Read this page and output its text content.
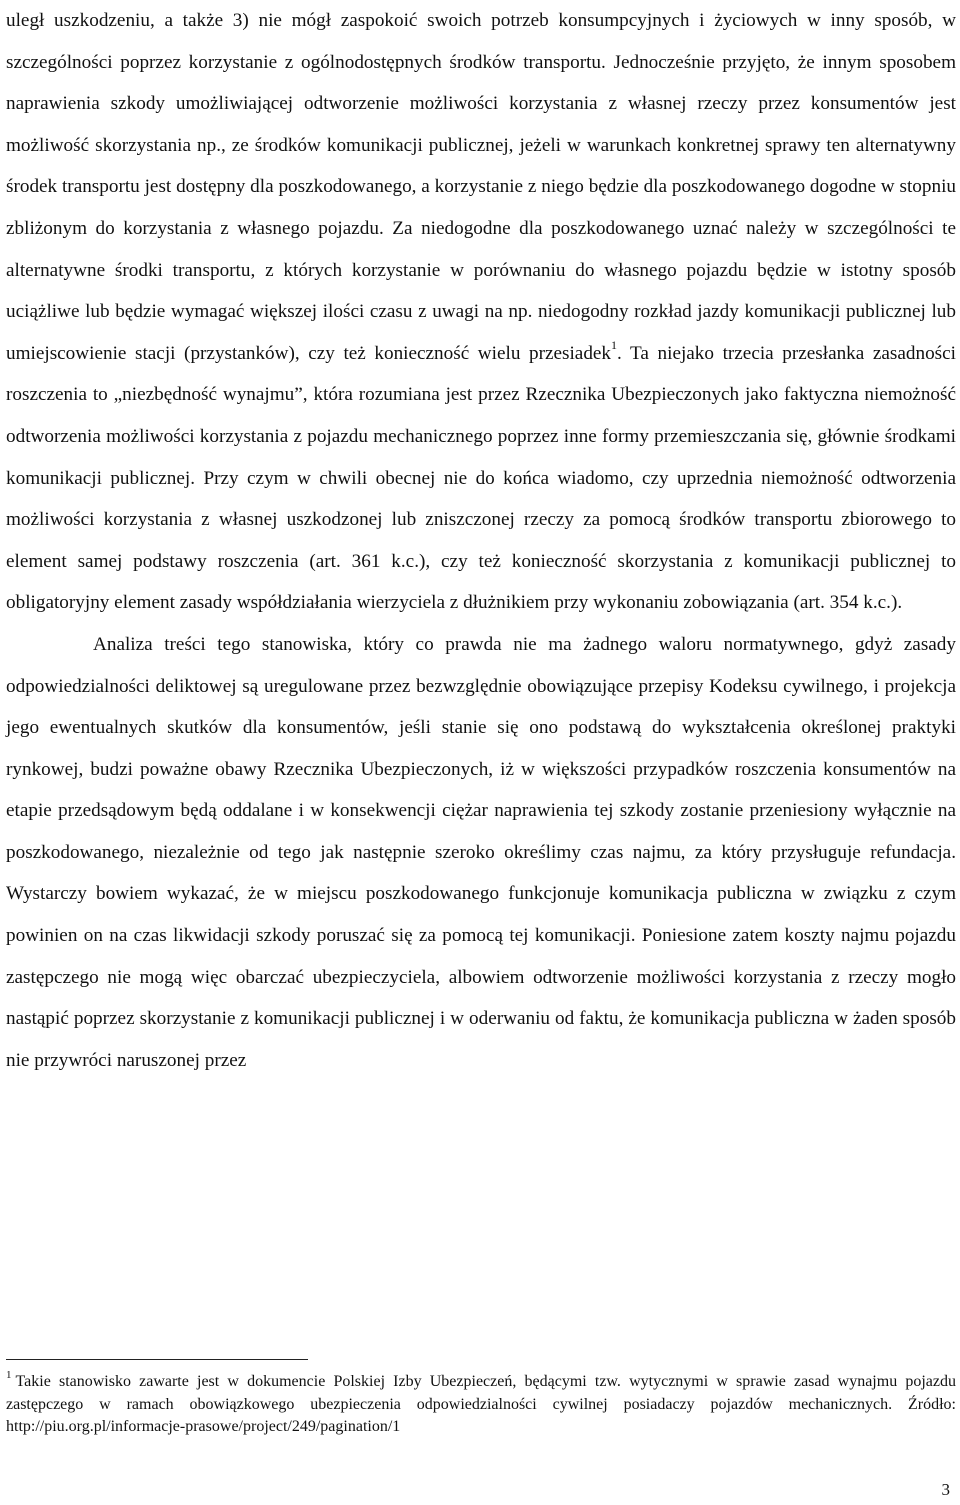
uległ uszkodzeniu, a także 3) nie mógł zaspokoić swoich potrzeb konsumpcyjnych i życiowych w inny sposób, w szczególności poprzez korzystanie z ogólnodostępnych środków transportu. Jednocześnie przyjęto, że innym sposobem naprawienia szkody umożliwiającej odtworzenie możliwości korzystania z własnej rzeczy przez konsumentów jest możliwość skorzystania np., ze środków komunikacji publicznej, jeżeli w warunkach konkretnej sprawy ten alternatywny środek transportu jest dostępny dla poszkodowanego, a korzystanie z niego będzie dla poszkodowanego dogodne w stopniu zbliżonym do korzystania z własnego pojazdu. Za niedogodne dla poszkodowanego uznać należy w szczególności te alternatywne środki transportu, z których korzystanie w porównaniu do własnego pojazdu będzie w istotny sposób uciążliwe lub będzie wymagać większej ilości czasu z uwagi na np. niedogodny rozkład jazdy komunikacji publicznej lub umiejscowienie stacji (przystanków), czy też konieczność wielu przesiadek$^1$. Ta niejako trzecia przesłanka zasadności roszczenia to „niezbędność wynajmu”, która rozumiana jest przez Rzecznika Ubezpieczonych jako faktyczna niemożność odtworzenia możliwości korzystania z pojazdu mechanicznego poprzez inne formy przemieszczania się, głównie środkami komunikacji publicznej. Przy czym w chwili obecnej nie do końca wiadomo, czy uprzednia niemożność odtworzenia możliwości korzystania z własnej uszkodzonej lub zniszczonej rzeczy za pomocą środków transportu zbiorowego to element samej podstawy roszczenia (art. 361 k.c.), czy też konieczność skorzystania z komunikacji publicznej to obligatoryjny element zasady współdziałania wierzyciela z dłużnikiem przy wykonaniu zobowiązania (art. 354 k.c.).

Analiza treści tego stanowiska, który co prawda nie ma żadnego waloru normatywnego, gdyż zasady odpowiedzialności deliktowej są uregulowane przez bezwzględnie obowiązujące przepisy Kodeksu cywilnego, i projekcja jego ewentualnych skutków dla konsumentów, jeśli stanie się ono podstawą do wykształcenia określonej praktyki rynkowej, budzi poważne obawy Rzecznika Ubezpieczonych, iż w większości przypadków roszczenia konsumentów na etapie przedsądowym będą oddalane i w konsekwencji ciężar naprawienia tej szkody zostanie przeniesiony wyłącznie na poszkodowanego, niezależnie od tego jak następnie szeroko określimy czas najmu, za który przysługuje refundacja. Wystarczy bowiem wykazać, że w miejscu poszkodowanego funkcjonuje komunikacja publiczna w związku z czym powinien on na czas likwidacji szkody poruszać się za pomocą tej komunikacji. Poniesione zatem koszty najmu pojazdu zastępczego nie mogą więc obarczać ubezpieczyciela, albowiem odtworzenie możliwości korzystania z rzeczy mogło nastąpić poprzez skorzystanie z komunikacji publicznej i w oderwaniu od faktu, że komunikacja publiczna w żaden sposób nie przywróci naruszonej przez

$^1$ Takie stanowisko zawarte jest w dokumencie Polskiej Izby Ubezpieczeń, będącymi tzw. wytycznymi w sprawie zasad wynajmu pojazdu zastępczego w ramach obowiązkowego ubezpieczenia odpowiedzialności cywilnej posiadaczy pojazdów mechanicznych. Źródło: http://piu.org.pl/informacje-prasowe/project/249/pagination/1

3
